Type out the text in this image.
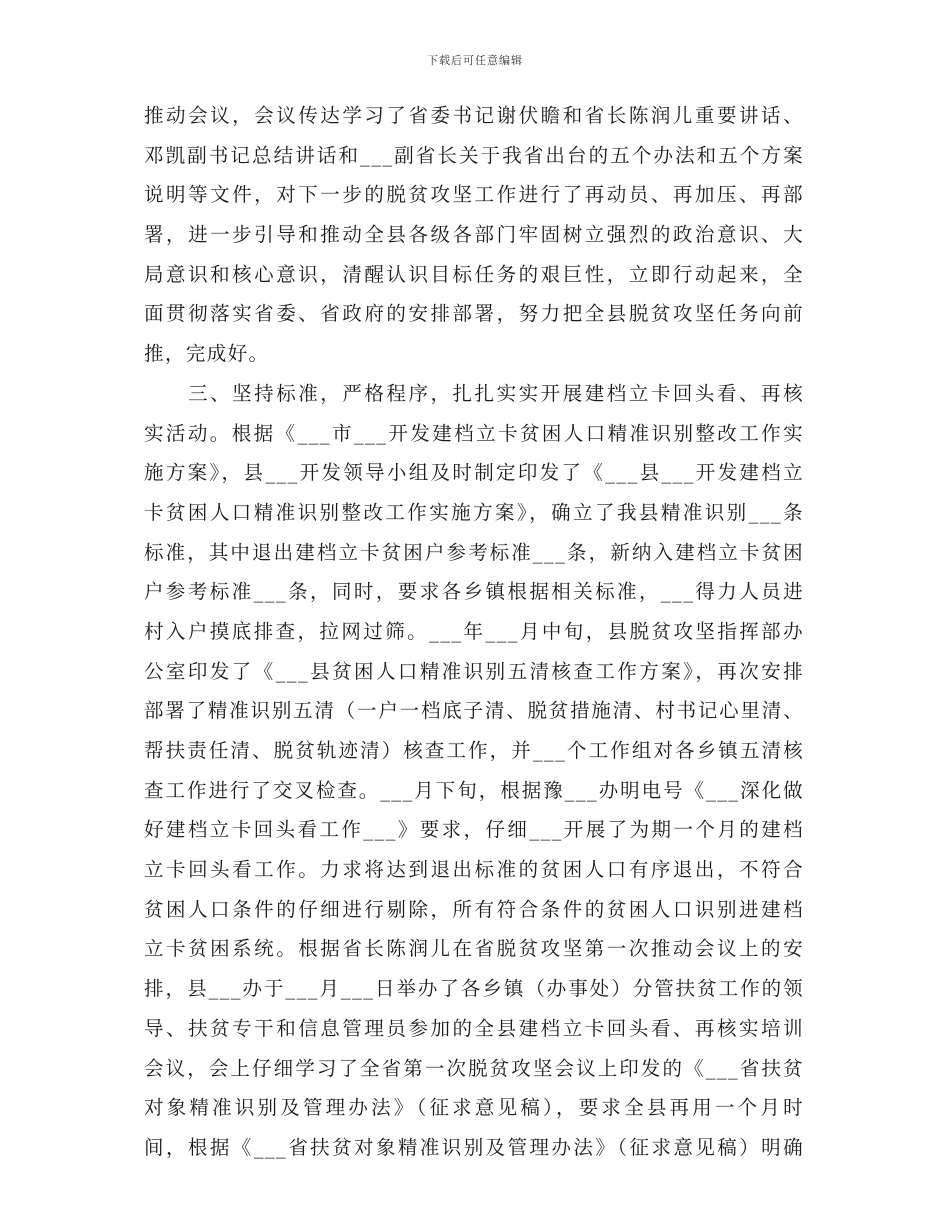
下载后可任意编辑
推动会议，会议传达学习了省委书记谢伏瞻和省长陈润儿重要讲话、
邓凯副书记总结讲话和___副省长关于我省出台的五个办法和五个方案
说明等文件，对下一步的脱贫攻坚工作进行了再动员、再加压、再部
署，进一步引导和推动全县各级各部门牢固树立强烈的政治意识、大
局意识和核心意识，清醒认识目标任务的艰巨性，立即行动起来，全
面贯彻落实省委、省政府的安排部署，努力把全县脱贫攻坚任务向前
推，完成好。
　　三、坚持标准，严格程序，扎扎实实开展建档立卡回头看、再核
实活动。根据《___市___开发建档立卡贫困人口精准识别整改工作实
施方案》，县___开发领导小组及时制定印发了《___县___开发建档立
卡贫困人口精准识别整改工作实施方案》，确立了我县精准识别___条
标准，其中退出建档立卡贫困户参考标准___条，新纳入建档立卡贫困
户参考标准___条，同时，要求各乡镇根据相关标准，___得力人员进
村入户摸底排查，拉网过筛。___年___月中旬，县脱贫攻坚指挥部办
公室印发了《___县贫困人口精准识别五清核查工作方案》，再次安排
部署了精准识别五清（一户一档底子清、脱贫措施清、村书记心里清、
帮扶责任清、脱贫轨迹清）核查工作，并___个工作组对各乡镇五清核
查工作进行了交叉检查。___月下旬，根据豫___办明电号《___深化做
好建档立卡回头看工作___》要求，仔细___开展了为期一个月的建档
立卡回头看工作。力求将达到退出标准的贫困人口有序退出，不符合
贫困人口条件的仔细进行剔除，所有符合条件的贫困人口识别进建档
立卡贫困系统。根据省长陈润儿在省脱贫攻坚第一次推动会议上的安
排，县___办于___月___日举办了各乡镇（办事处）分管扶贫工作的领
导、扶贫专干和信息管理员参加的全县建档立卡回头看、再核实培训
会议，会上仔细学习了全省第一次脱贫攻坚会议上印发的《___省扶贫
对象精准识别及管理办法》（征求意见稿），要求全县再用一个月时
间，根据《___省扶贫对象精准识别及管理办法》（征求意见稿）明确
